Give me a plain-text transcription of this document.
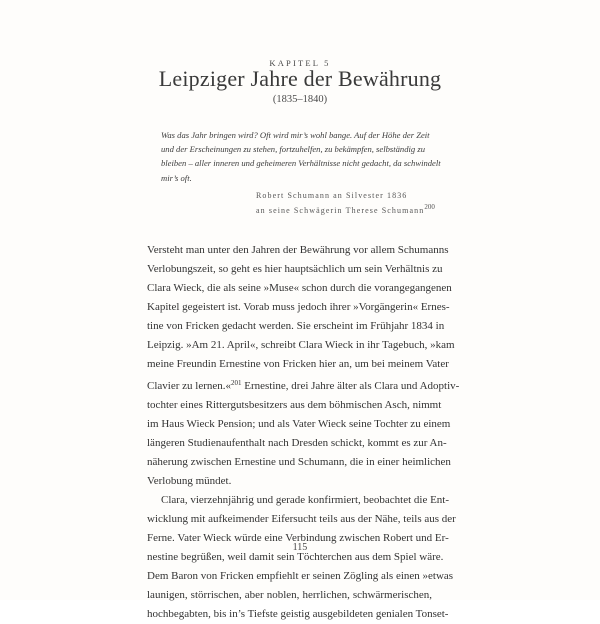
KAPITEL 5
Leipziger Jahre der Bewährung
(1835–1840)
Was das Jahr bringen wird? Oft wird mir’s wohl bange. Auf der Höhe der Zeit
und der Erscheinungen zu stehen, fortzuhelfen, zu bekämpfen, selbständig zu
bleiben – aller inneren und geheimeren Verhältnisse nicht gedacht, da schwindelt
mir’s oft.
Robert Schumann an Silvester 1836
an seine Schwägerin Therese Schumann$^{200}$

Versteht man unter den Jahren der Bewährung vor allem Schumanns
Verlobungszeit, so geht es hier hauptsächlich um sein Verhältnis zu
Clara Wieck, die als seine »Muse« schon durch die vorangegangenen
Kapitel gegeistert ist. Vorab muss jedoch ihrer »Vorgängerin« Ernes-
tine von Fricken gedacht werden. Sie erscheint im Frühjahr 1834 in
Leipzig. »Am 21. April«, schreibt Clara Wieck in ihr Tagebuch, »kam
meine Freundin Ernestine von Fricken hier an, um bei meinem Vater
Clavier zu lernen.«$^{201}$ Ernestine, drei Jahre älter als Clara und Adoptiv-
tochter eines Rittergutsbesitzers aus dem böhmischen Asch, nimmt
im Haus Wieck Pension; und als Vater Wieck seine Tochter zu einem
längeren Studienaufenthalt nach Dresden schickt, kommt es zur An-
näherung zwischen Ernestine und Schumann, die in einer heimlichen
Verlobung mündet.

Clara, vierzehnjährig und gerade konfirmiert, beobachtet die Ent-
wicklung mit aufkeimender Eifersucht teils aus der Nähe, teils aus der
Ferne. Vater Wieck würde eine Verbindung zwischen Robert und Er-
nestine begrüßen, weil damit sein Töchterchen aus dem Spiel wäre.
Dem Baron von Fricken empfiehlt er seinen Zögling als einen »etwas
launigen, störrischen, aber noblen, herrlichen, schwärmerischen,
hochbegabten, bis in’s Tiefste geistig ausgebildeten genialen Tonset-

115
